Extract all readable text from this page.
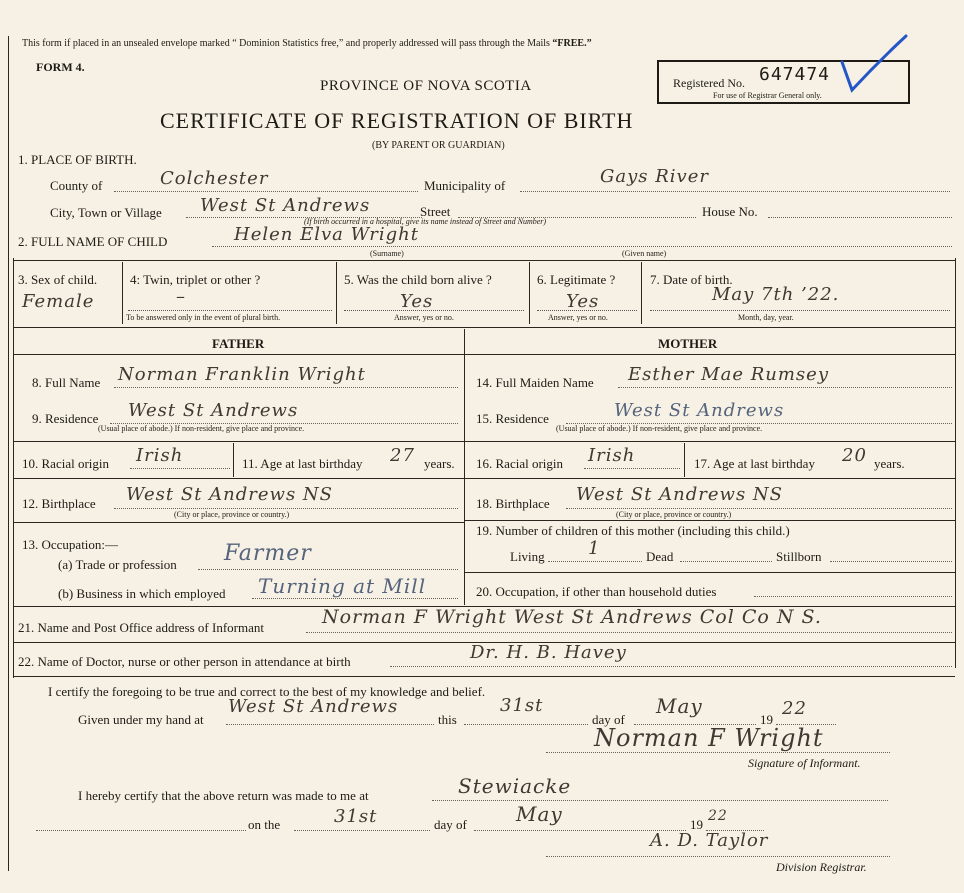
This form if placed in an unsealed envelope marked “ Dominion Statistics free,” and properly addressed will pass through the Mails “FREE.”
FORM 4.
PROVINCE OF NOVA SCOTIA
CERTIFICATE OF REGISTRATION OF BIRTH
(BY PARENT OR GUARDIAN)
Registered No. 647474
For use of Registrar General only.
1. PLACE OF BIRTH.
County of	Colchester	Municipality of	Gays River
City, Town or Village West St Andrews	Street	House No.
(If birth occurred in a hospital, give its name instead of Street and Number)
2. FULL NAME OF CHILD	Helen Elva Wright
(Surname)	(Given name)
3. Sex of child.
Female
4: Twin, triplet or other ?
–
To be answered only in the event of plural birth.
5. Was the child born alive ?
Yes
Answer, yes or no.
6. Legitimate ?
Yes
Answer, yes or no.
7. Date of birth.
May 7th ’22.
Month, day, year.
FATHER	MOTHER
8. Full Name Norman Franklin Wright
9. Residence West St Andrews
(Usual place of abode.) If non-resident, give place and province.
10. Racial origin Irish	11. Age at last birthday 27 years.
12. Birthplace West St Andrews NS
(City or place, province or country.)
13. Occupation:—
(a) Trade or profession Farmer
(b) Business in which employed Turning at Mill
14. Full Maiden Name Esther Mae Rumsey
15. Residence	West St Andrews
(Usual place of abode.) If non-resident, give place and province.
16. Racial origin Irish	17. Age at last birthday 20 years.
18. Birthplace West St Andrews NS
(City or place, province or country.)
19. Number of children of this mother (including this child.)
Living 1	Dead	Stillborn
20. Occupation, if other than household duties
21. Name and Post Office address of Informant	Norman F Wright West St Andrews Col Co N S.
22. Name of Doctor, nurse or other person in attendance at birth	Dr. H. B. Havey
I certify the foregoing to be true and correct to the best of my knowledge and belief.
Given under my hand at
West St Andrews
this
31st
day of
May
19
22
Norman F Wright
Signature of Informant.
I hereby certify that the above return was made to me at	Stewiacke
on the	31st	day of May	19
22
A. D. Taylor
Division Registrar.
